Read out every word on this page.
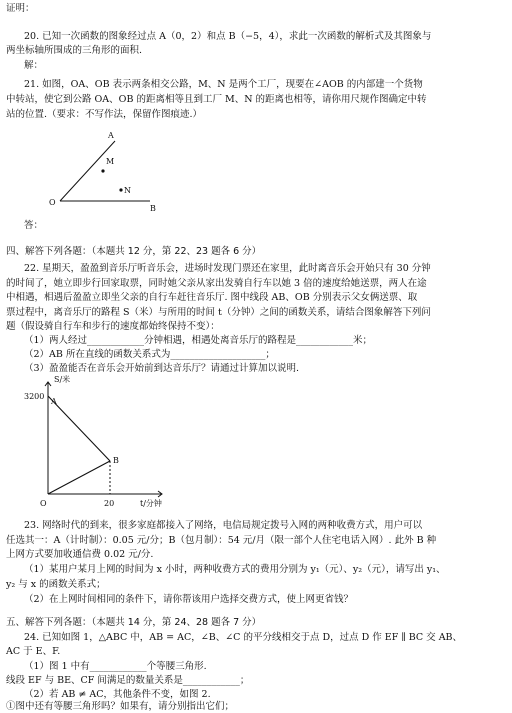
证明：
20. 已知一次函数的图象经过点 A（0，2）和点 B（−5，4），求此一次函数的解析式及其图象与
两坐标轴所围成的三角形的面积.
解：
21. 如图，OA、OB 表示两条相交公路，M、N 是两个工厂，现要在∠AOB 的内部建一个货物
中转站，使它到公路 OA、OB 的距离相等且到工厂 M、N 的距离也相等，请你用尺规作图确定中转
站的位置.（要求：不写作法，保留作图痕迹.）
O
A
B
M
N
答：
四、解答下列各题：（本题共 12 分，第 22、23 题各 6 分）
22. 星期天，盈盈到音乐厅听音乐会，进场时发现门票还在家里，此时离音乐会开始只有 30 分钟
的时间了，她立即步行回家取票，同时她父亲从家出发骑自行车以她 3 倍的速度给她送票，两人在途
中相遇，相遇后盈盈立即坐父亲的自行车赶往音乐厅. 图中线段 AB、OB 分别表示父女俩送票、取
票过程中，离音乐厅的路程 S（米）与所用的时间 t（分钟）之间的函数关系，请结合图象解答下列问
题（假设骑自行车和步行的速度都始终保持不变）：
（1）两人经过____________分钟相遇，相遇处离音乐厅的路程是____________米；
（2）AB 所在直线的函数关系式为____________________；
（3）盈盈能否在音乐会开始前到达音乐厅？请通过计算加以说明.
S/米
3200
A
B
O	20	t/分钟
23. 网络时代的到来，很多家庭都接入了网络，电信局规定拨号入网的两种收费方式，用户可以
任选其一：A（计时制）：0.05 元/分；B（包月制）：54 元/月（限一部个人住宅电话入网）. 此外 B 种
上网方式要加收通信费 0.02 元/分.
（1）某用户某月上网的时间为 x 小时，两种收费方式的费用分别为 y₁（元）、y₂（元），请写出 y₁、
y₂ 与 x 的函数关系式；
（2）在上网时间相同的条件下，请你帮该用户选择交费方式，使上网更省钱？
五、解答下列各题：（本题共 14 分，第 24、28 题各 7 分）
24. 已知如图 1，△ABC 中，AB = AC，∠B、∠C 的平分线相交于点 D，过点 D 作 EF ∥ BC 交 AB、
AC 于 E、F.
（1）图 1 中有____________个等腰三角形.
线段 EF 与 BE、CF 间满足的数量关系是____________；
（2）若 AB ≠ AC，其他条件不变，如图 2.
①图中还有等腰三角形吗？如果有，请分别指出它们；
